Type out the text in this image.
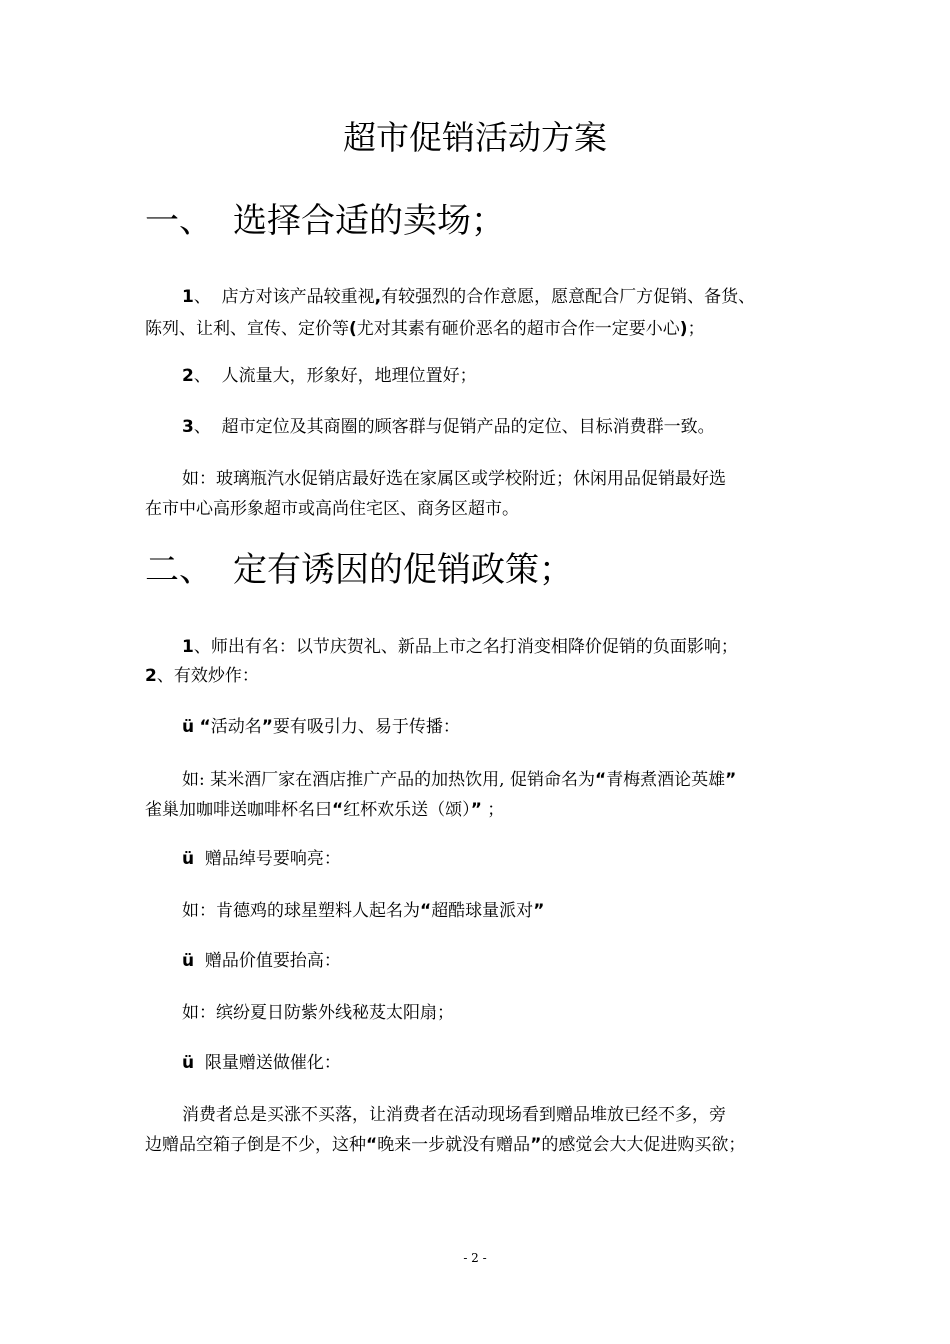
超市促销活动方案
一、 选择合适的卖场；
1、 店方对该产品较重视,有较强烈的合作意愿，愿意配合厂方促销、备货、
陈列、让利、宣传、定价等(尤对其素有砸价恶名的超市合作一定要小心)；
2、 人流量大，形象好，地理位置好；
3、 超市定位及其商圈的顾客群与促销产品的定位、目标消费群一致。
如：玻璃瓶汽水促销店最好选在家属区或学校附近；休闲用品促销最好选
在市中心高形象超市或高尚住宅区、商务区超市。
二、 定有诱因的促销政策；
1、师出有名：以节庆贺礼、新品上市之名打消变相降价促销的负面影响；
2、有效炒作：
ü “活动名”要有吸引力、易于传播：
如: 某米酒厂家在酒店推广产品的加热饮用, 促销命名为“青梅煮酒论英雄”
雀巢加咖啡送咖啡杯名曰“红杯欢乐送（颂）” ；
ü 赠品绰号要响亮：
如：肯德鸡的球星塑料人起名为“超酷球量派对”
ü 赠品价值要抬高：
如：缤纷夏日防紫外线秘芨太阳扇；
ü 限量赠送做催化：
消费者总是买涨不买落，让消费者在活动现场看到赠品堆放已经不多，旁
边赠品空箱子倒是不少，这种“晚来一步就没有赠品”的感觉会大大促进购买欲；
- 2 -
